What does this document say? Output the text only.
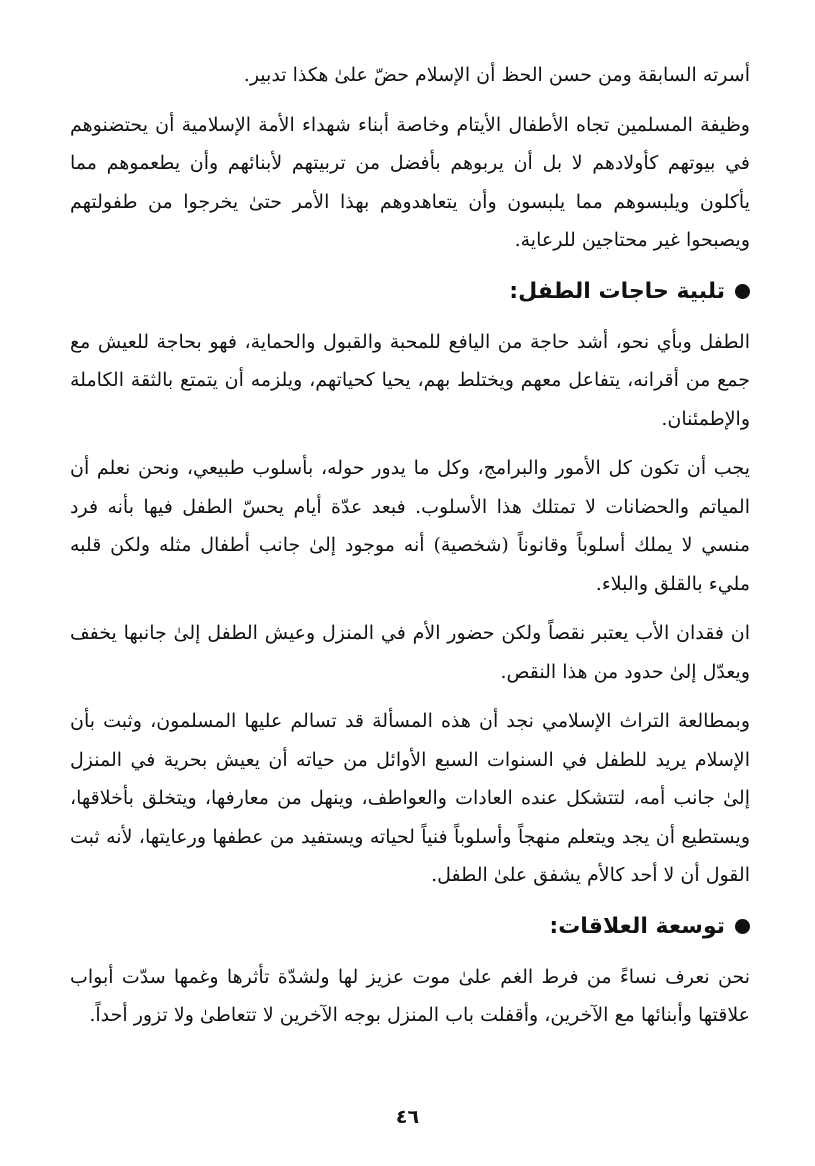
أسرته السابقة ومن حسن الحظ أن الإسلام حضّ علىٰ هكذا تدبير.

وظيفة المسلمين تجاه الأطفال الأيتام وخاصة أبناء شهداء الأمة الإسلامية أن يحتضنوهم في بيوتهم كأولادهم لا بل أن يربوهم بأفضل من تربيتهم لأبنائهم وأن يطعموهم مما يأكلون ويلبسوهم مما يلبسون وأن يتعاهدوهم بهذا الأمر حتىٰ يخرجوا من طفولتهم ويصبحوا غير محتاجين للرعاية.

تلبية حاجات الطفل:

الطفل وبأي نحو، أشد حاجة من اليافع للمحبة والقبول والحماية، فهو بحاجة للعيش مع جمع من أقرانه، يتفاعل معهم ويختلط بهم، يحيا كحياتهم، ويلزمه أن يتمتع بالثقة الكاملة والإطمئنان.

يجب أن تكون كل الأمور والبرامج، وكل ما يدور حوله، بأسلوب طبيعي، ونحن نعلم أن المياتم والحضانات لا تمتلك هذا الأسلوب. فبعد عدّة أيام يحسّ الطفل فيها بأنه فرد منسي لا يملك أسلوباً وقانوناً (شخصية) أنه موجود إلىٰ جانب أطفال مثله ولكن قلبه مليء بالقلق والبلاء.

ان فقدان الأب يعتبر نقصاً ولكن حضور الأم في المنزل وعيش الطفل إلىٰ جانبها يخفف ويعدّل إلىٰ حدود من هذا النقص.

وبمطالعة التراث الإسلامي نجد أن هذه المسألة قد تسالم عليها المسلمون، وثبت بأن الإسلام يريد للطفل في السنوات السبع الأوائل من حياته أن يعيش بحرية في المنزل إلىٰ جانب أمه، لتتشكل عنده العادات والعواطف، وينهل من معارفها، ويتخلق بأخلاقها، ويستطيع أن يجد ويتعلم منهجاً وأسلوباً فنياً لحياته ويستفيد من عطفها ورعايتها، لأنه ثبت القول أن لا أحد كالأم يشفق علىٰ الطفل.

توسعة العلاقات:

نحن نعرف نساءً من فرط الغم علىٰ موت عزيز لها ولشدّة تأثرها وغمها سدّت أبواب علاقتها وأبنائها مع الآخرين، وأقفلت باب المنزل بوجه الآخرين لا تتعاطىٰ ولا تزور أحداً.

٤٦
